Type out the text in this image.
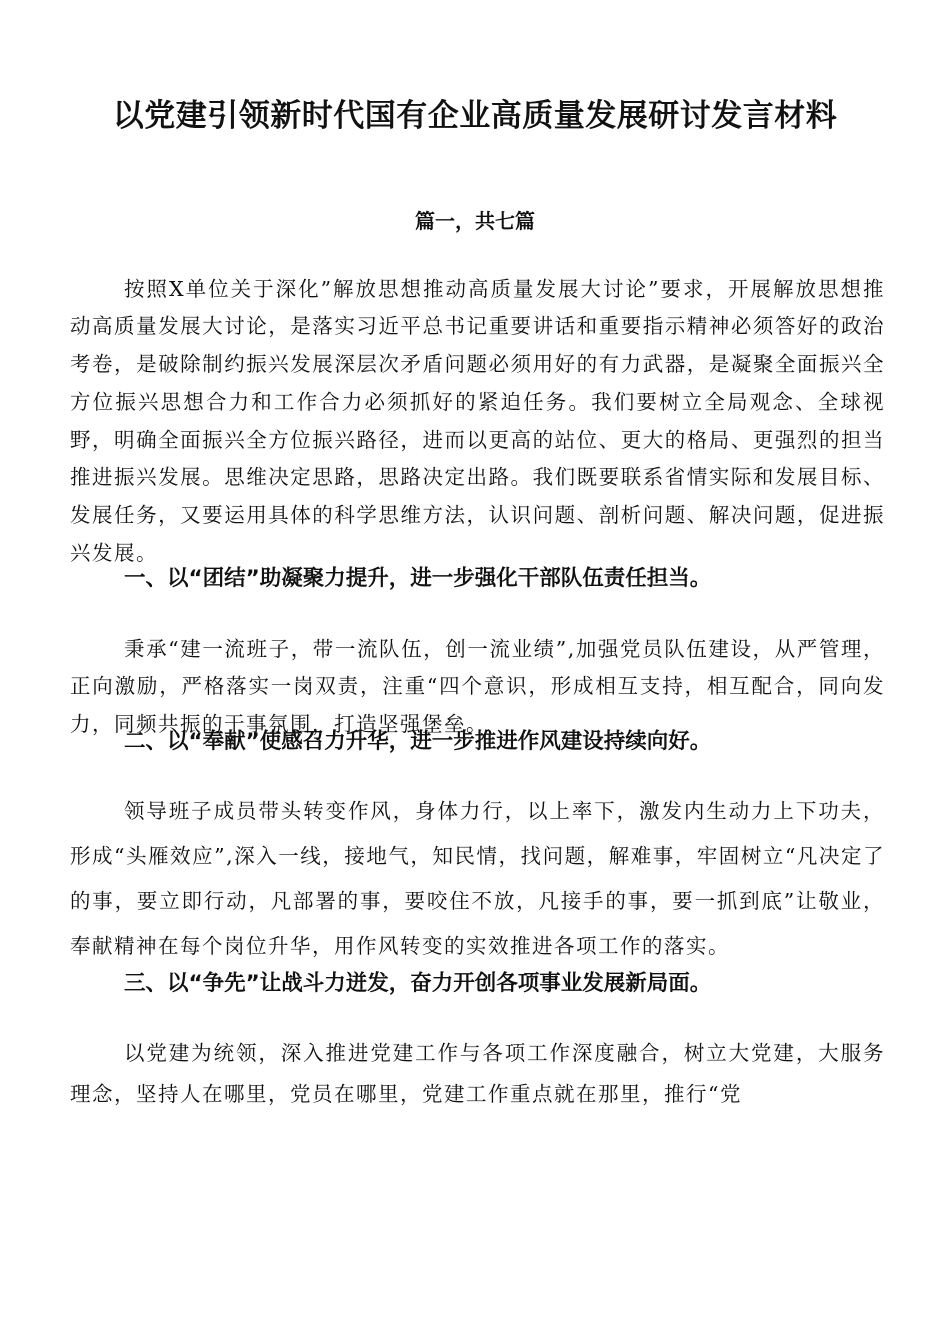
以党建引领新时代国有企业高质量发展研讨发言材料
篇一，共七篇

按照X单位关于深化”解放思想推动高质量发展大讨论”要求，开展解放思想推动高质量发展大讨论，是落实习近平总书记重要讲话和重要指示精神必须答好的政治考卷，是破除制约振兴发展深层次矛盾问题必须用好的有力武器，是凝聚全面振兴全方位振兴思想合力和工作合力必须抓好的紧迫任务。我们要树立全局观念、全球视野，明确全面振兴全方位振兴路径，进而以更高的站位、更大的格局、更强烈的担当推进振兴发展。思维决定思路，思路决定出路。我们既要联系省情实际和发展目标、发展任务，又要运用具体的科学思维方法，认识问题、剖析问题、解决问题，促进振兴发展。

一、以“团结”助凝聚力提升，进一步强化干部队伍责任担当。

秉承“建一流班子，带一流队伍，创一流业绩”,加强党员队伍建设，从严管理，正向激励，严格落实一岗双责，注重“四个意识，形成相互支持，相互配合，同向发力，同频共振的干事氛围，打造坚强堡垒。

二、以“奉献”使感召力升华，进一步推进作风建设持续向好。

领导班子成员带头转变作风，身体力行，以上率下，激发内生动力上下功夫，形成“头雁效应”,深入一线，接地气，知民情，找问题，解难事，牢固树立“凡决定了的事，要立即行动，凡部署的事，要咬住不放，凡接手的事，要一抓到底”让敬业，奉献精神在每个岗位升华，用作风转变的实效推进各项工作的落实。

三、以“争先”让战斗力迸发，奋力开创各项事业发展新局面。

以党建为统领，深入推进党建工作与各项工作深度融合，树立大党建，大服务理念，坚持人在哪里，党员在哪里，党建工作重点就在那里，推行“党
